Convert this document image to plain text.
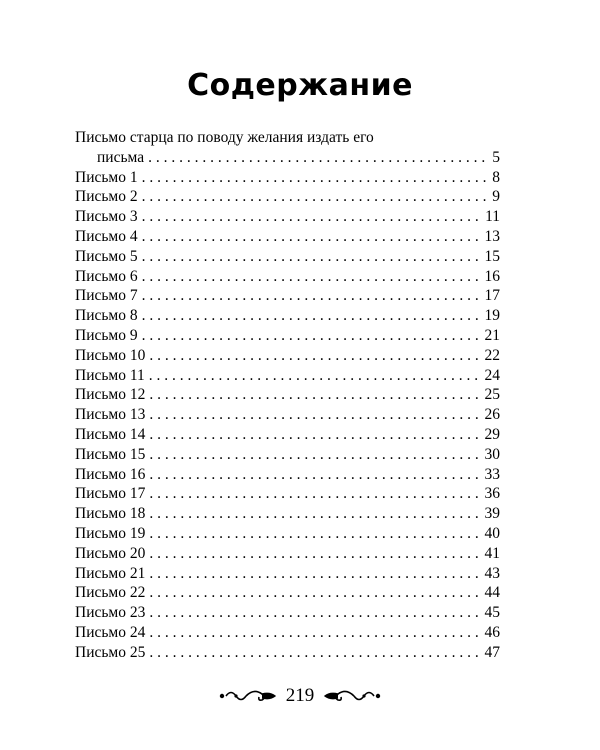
Содержание
Письмо старца по поводу желания издать его
письма . . .	5
Письмо 1 . . .	8
Письмо 2 . . .	9
Письмо 3 . . .	11
Письмо 4 . . .	13
Письмо 5 . . .	15
Письмо 6 . . .	16
Письмо 7 . . .	17
Письмо 8 . . .	19
Письмо 9 . . .	21
Письмо 10 . . .	22
Письмо 11 . . .	24
Письмо 12 . . .	25
Письмо 13 . . .	26
Письмо 14 . . .	29
Письмо 15 . . .	30
Письмо 16 . . .	33
Письмо 17 . . .	36
Письмо 18 . . .	39
Письмо 19 . . .	40
Письмо 20 . . .	41
Письмо 21 . . .	43
Письмо 22 . . .	44
Письмо 23 . . .	45
Письмо 24 . . .	46
Письмо 25 . . .	47
219
